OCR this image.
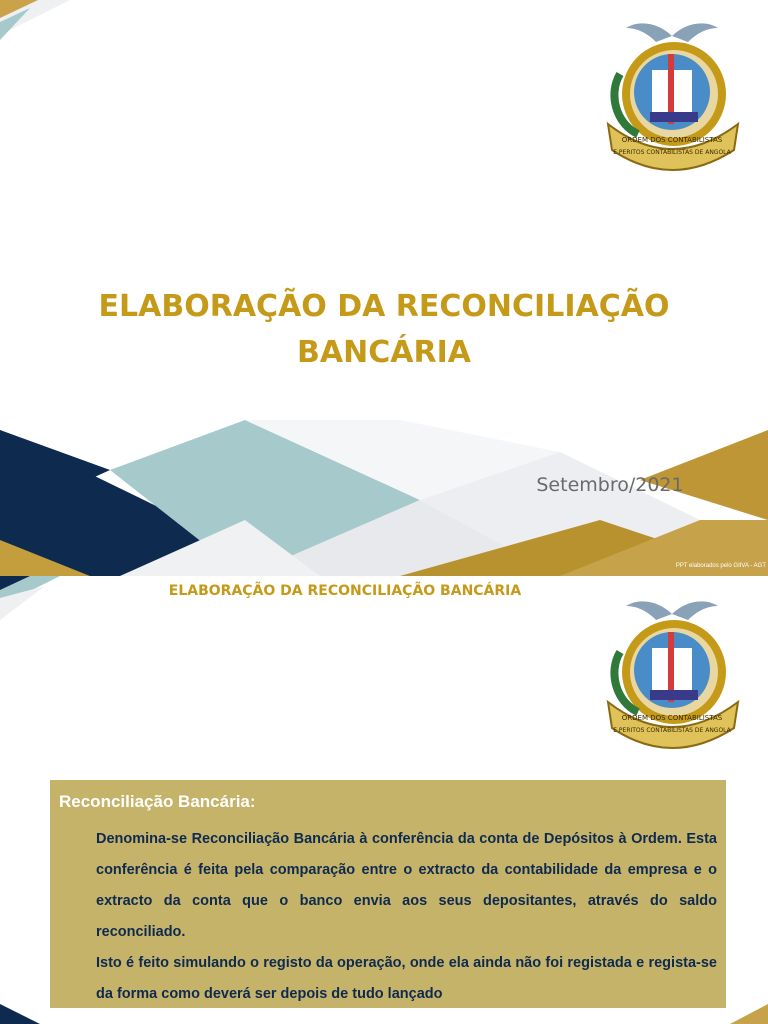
ORDEM DOS CONTABILISTAS
E PERITOS CONTABILISTAS DE ANGOLA
ELABORAÇÃO DA RECONCILIAÇÃO
BANCÁRIA
Setembro/2021
PPT elaborados pelo GIIVA - AGT
ELABORAÇÃO DA RECONCILIAÇÃO BANCÁRIA
ORDEM DOS CONTABILISTAS
E PERITOS CONTABILISTAS DE ANGOLA
Reconciliação Bancária:

Denomina-se Reconciliação Bancária à conferência da conta de Depósitos à Ordem. Esta conferência é feita pela comparação entre o extracto da contabilidade da empresa e o extracto da conta que o banco envia aos seus depositantes, através do saldo reconciliado.

Isto é feito simulando o registo da operação, onde ela ainda não foi registada e regista-se da forma como deverá ser depois de tudo lançado
